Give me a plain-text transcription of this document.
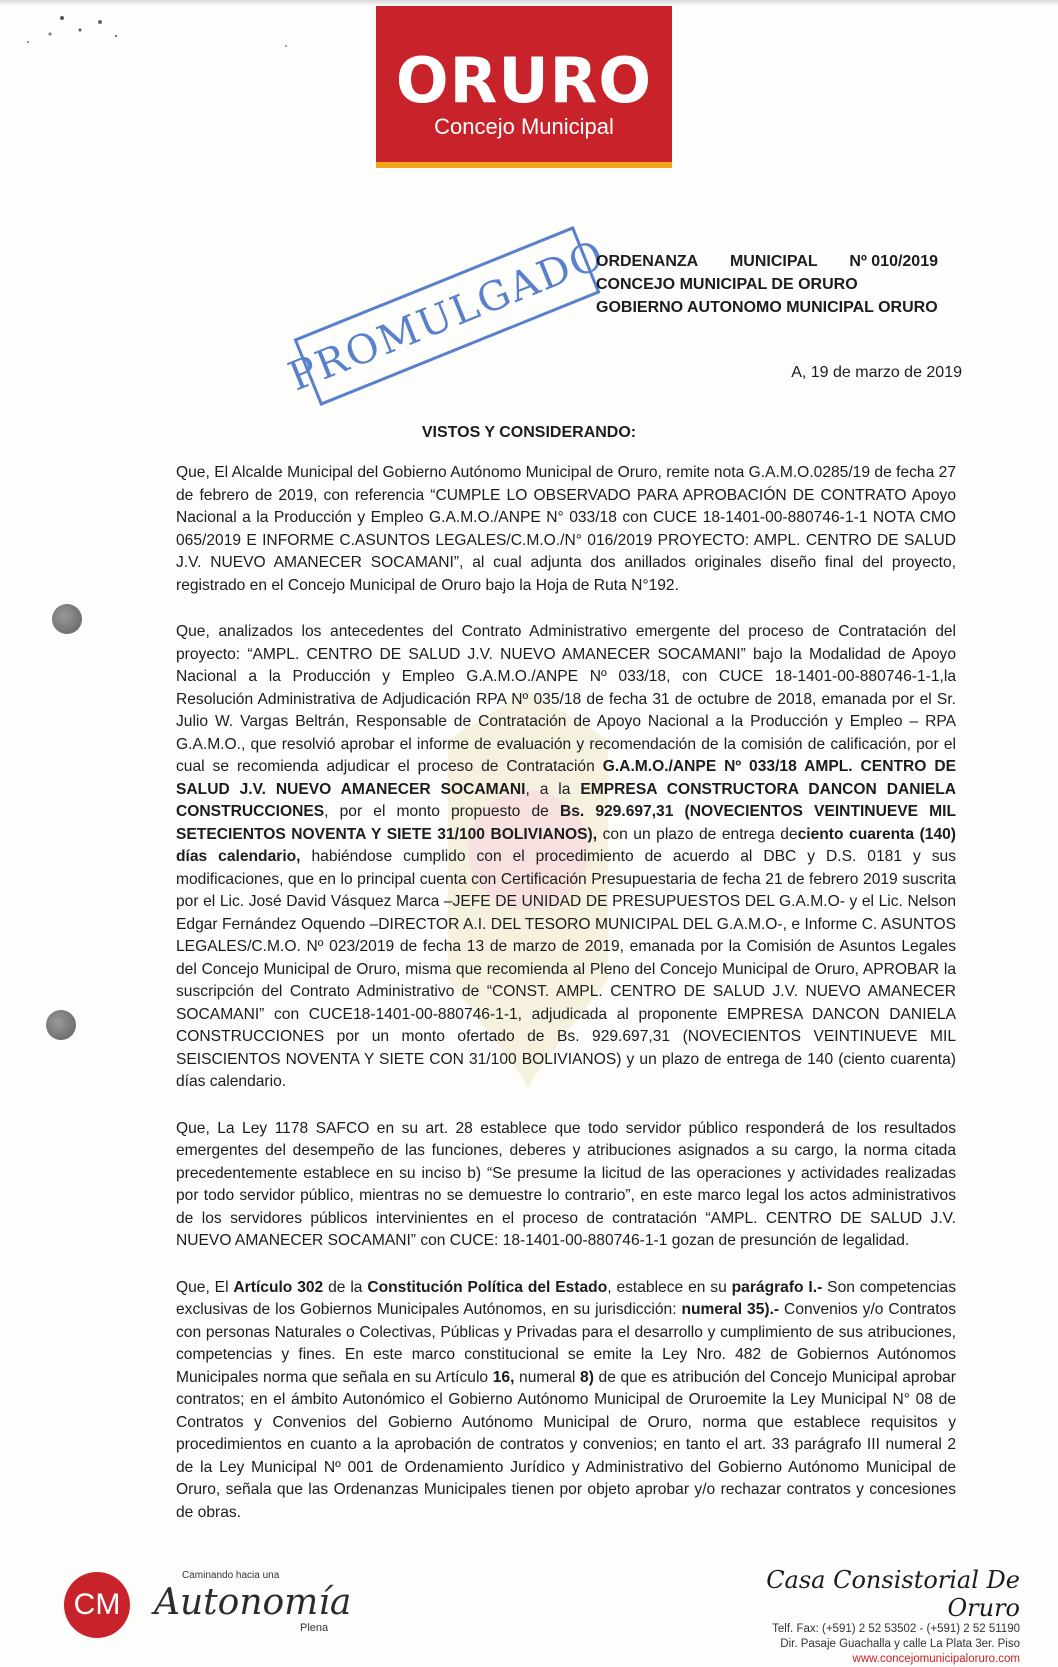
ORURO
Concejo Municipal
PROMULGADO
ORDENANZA MUNICIPAL Nº 010/2019
CONCEJO MUNICIPAL DE ORURO
GOBIERNO AUTONOMO MUNICIPAL ORURO
A, 19 de marzo de 2019
VISTOS Y CONSIDERANDO:

Que, El Alcalde Municipal del Gobierno Autónomo Municipal de Oruro, remite nota G.A.M.O.0285/19 de fecha 27 de febrero de 2019, con referencia “CUMPLE LO OBSERVADO PARA APROBACIÓN DE CONTRATO Apoyo Nacional a la Producción y Empleo G.A.M.O./ANPE N° 033/18 con CUCE 18-1401-00-880746-1-1 NOTA CMO 065/2019 E INFORME C.ASUNTOS LEGALES/C.M.O./N° 016/2019 PROYECTO: AMPL. CENTRO DE SALUD J.V. NUEVO AMANECER SOCAMANI”, al cual adjunta dos anillados originales diseño final del proyecto, registrado en el Concejo Municipal de Oruro bajo la Hoja de Ruta N°192.

Que, analizados los antecedentes del Contrato Administrativo emergente del proceso de Contratación del proyecto: “AMPL. CENTRO DE SALUD J.V. NUEVO AMANECER SOCAMANI” bajo la Modalidad de Apoyo Nacional a la Producción y Empleo G.A.M.O./ANPE Nº 033/18, con CUCE 18-1401-00-880746-1-1,la Resolución Administrativa de Adjudicación RPA Nº 035/18 de fecha 31 de octubre de 2018, emanada por el Sr. Julio W. Vargas Beltrán, Responsable de Contratación de Apoyo Nacional a la Producción y Empleo – RPA G.A.M.O., que resolvió aprobar el informe de evaluación y recomendación de la comisión de calificación, por el cual se recomienda adjudicar el proceso de Contratación G.A.M.O./ANPE Nº 033/18 AMPL. CENTRO DE SALUD J.V. NUEVO AMANECER SOCAMANI, a la EMPRESA CONSTRUCTORA DANCON DANIELA CONSTRUCCIONES, por el monto propuesto de Bs. 929.697,31 (NOVECIENTOS VEINTINUEVE MIL SETECIENTOS NOVENTA Y SIETE 31/100 BOLIVIANOS), con un plazo de entrega deciento cuarenta (140) días calendario, habiéndose cumplido con el procedimiento de acuerdo al DBC y D.S. 0181 y sus modificaciones, que en lo principal cuenta con Certificación Presupuestaria de fecha 21 de febrero 2019 suscrita por el Lic. José David Vásquez Marca –JEFE DE UNIDAD DE PRESUPUESTOS DEL G.A.M.O- y el Lic. Nelson Edgar Fernández Oquendo –DIRECTOR A.I. DEL TESORO MUNICIPAL DEL G.A.M.O-, e Informe C. ASUNTOS LEGALES/C.M.O. Nº 023/2019 de fecha 13 de marzo de 2019, emanada por la Comisión de Asuntos Legales del Concejo Municipal de Oruro, misma que recomienda al Pleno del Concejo Municipal de Oruro, APROBAR la suscripción del Contrato Administrativo de “CONST. AMPL. CENTRO DE SALUD J.V. NUEVO AMANECER SOCAMANI” con CUCE18-1401-00-880746-1-1, adjudicada al proponente EMPRESA DANCON DANIELA CONSTRUCCIONES por un monto ofertado de Bs. 929.697,31 (NOVECIENTOS VEINTINUEVE MIL SEISCIENTOS NOVENTA Y SIETE CON 31/100 BOLIVIANOS) y un plazo de entrega de 140 (ciento cuarenta) días calendario.

Que, La Ley 1178 SAFCO en su art. 28 establece que todo servidor público responderá de los resultados emergentes del desempeño de las funciones, deberes y atribuciones asignados a su cargo, la norma citada precedentemente establece en su inciso b) “Se presume la licitud de las operaciones y actividades realizadas por todo servidor público, mientras no se demuestre lo contrario”, en este marco legal los actos administrativos de los servidores públicos intervinientes en el proceso de contratación “AMPL. CENTRO DE SALUD J.V. NUEVO AMANECER SOCAMANI” con CUCE: 18-1401-00-880746-1-1 gozan de presunción de legalidad.

Que, El Artículo 302 de la Constitución Política del Estado, establece en su parágrafo I.- Son competencias exclusivas de los Gobiernos Municipales Autónomos, en su jurisdicción: numeral 35).- Convenios y/o Contratos con personas Naturales o Colectivas, Públicas y Privadas para el desarrollo y cumplimiento de sus atribuciones, competencias y fines. En este marco constitucional se emite la Ley Nro. 482 de Gobiernos Autónomos Municipales norma que señala en su Artículo 16, numeral 8) de que es atribución del Concejo Municipal aprobar contratos; en el ámbito Autonómico el Gobierno Autónomo Municipal de Oruroemite la Ley Municipal N° 08 de Contratos y Convenios del Gobierno Autónomo Municipal de Oruro, norma que establece requisitos y procedimientos en cuanto a la aprobación de contratos y convenios; en tanto el art. 33 parágrafo III numeral 2 de la Ley Municipal Nº 001 de Ordenamiento Jurídico y Administrativo del Gobierno Autónomo Municipal de Oruro, señala que las Ordenanzas Municipales tienen por objeto aprobar y/o rechazar contratos y concesiones de obras.

CM
Caminando hacia una
Autonomía
Plena
Casa Consistorial De Oruro
Telf. Fax: (+591) 2 52 53502 - (+591) 2 52 51190
Dir. Pasaje Guachalla y calle La Plata 3er. Piso
www.concejomunicipaloruro.com
